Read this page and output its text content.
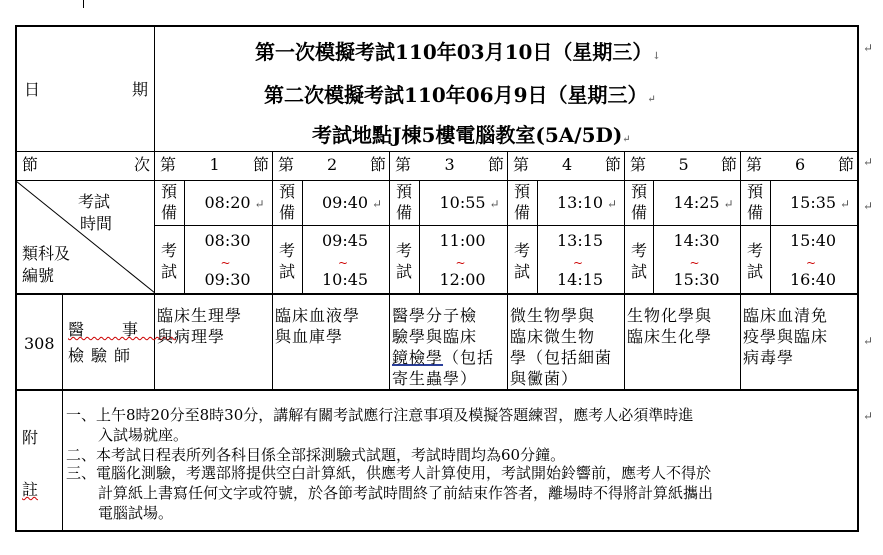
日	期
第一次模擬考試110年03月10日（星期三）↓
第二次模擬考試110年06月9日（星期三）↵
考試地點J棟5樓電腦教室(5A/5D)↵
↵
↵
↵
↵
↵
節	次
考試
時間
類科及
編號
308
醫事
檢驗師
附
註
第 1 節 第 2 節 第 3 節 第 4 節 第 5 節 第 6 節
預
備
08:20
考
試
08:30
09:30
~
↵
預
備
09:40
考
試
09:45
10:45
~
↵
預
備
10:55
考
試
11:00
12:00
~
↵
預
備
13:10
考
試
13:15
14:15
~
↵
預
備
14:25
考
試
14:30
15:30
~
↵
預
備
15:35
考
試
15:40
16:40
~
↵
臨床生理學
與病理學
臨床血液學
與血庫學
醫學分子檢
驗學與臨床
鏡檢學（包括
寄生蟲學）
微生物學與
臨床微生物
學（包括細菌
與黴菌）
生物化學與
臨床生化學
臨床血清免
疫學與臨床
病毒學
一、 上午8時20分至8時30分，講解有關考試應行注意事項及模擬答題練習，應考人必須準時進
入試場就座。
二、 本考試日程表所列各科目係全部採測驗式試題，考試時間均為60分鐘。
三、 電腦化測驗，考選部將提供空白計算紙，供應考人計算使用，考試開始鈴響前，應考人不得於
計算紙上書寫任何文字或符號，於各節考試時間終了前結束作答者，離場時不得將計算紙攜出
電腦試場。
